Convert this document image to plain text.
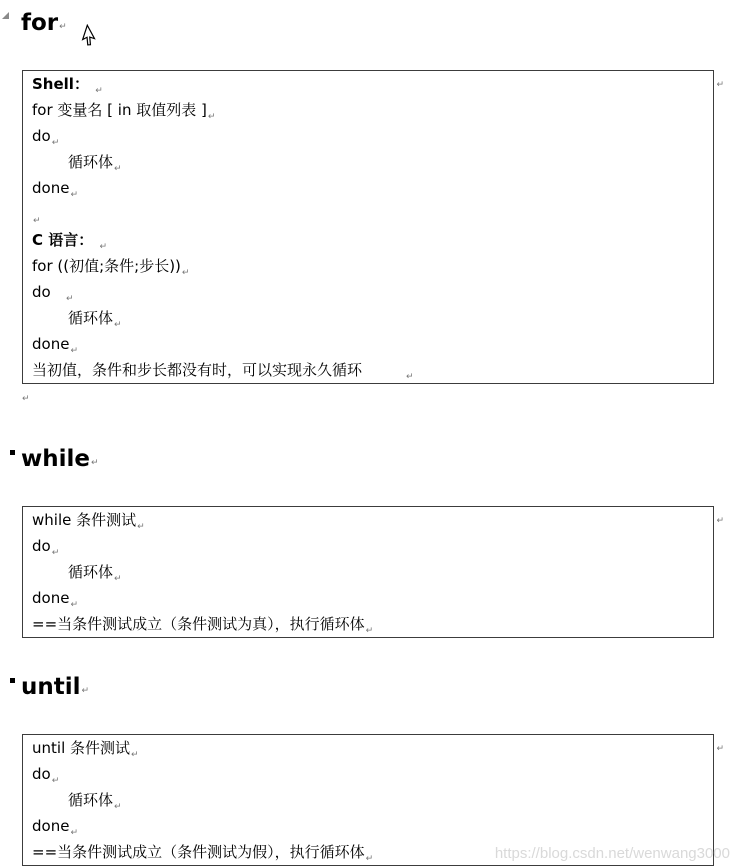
for ↵
Shell： $_↵$
for 变量名 [ in 取值列表 ]$_↵$
$do_↵$
循环体$_↵$
done$_↵$
$_↵$
C 语言： $_↵$
for ((初值;条件;步长))$_↵$
do $_↵$
循环体$_↵$
done$_↵$
当初值，条件和步长都没有时，可以实现永久循环	$_↵$
↵
↵
while ↵
while 条件测试$_↵$
$do_↵$
循环体$_↵$
done$_↵$
==当条件测试成立（条件测试为真），执行循环体$_↵$
↵
until ↵
until 条件测试$_↵$
$do_↵$
循环体$_↵$
done$_↵$
==当条件测试成立（条件测试为假），执行循环体$_↵$
↵
https://blog.csdn.net/wenwang3000
